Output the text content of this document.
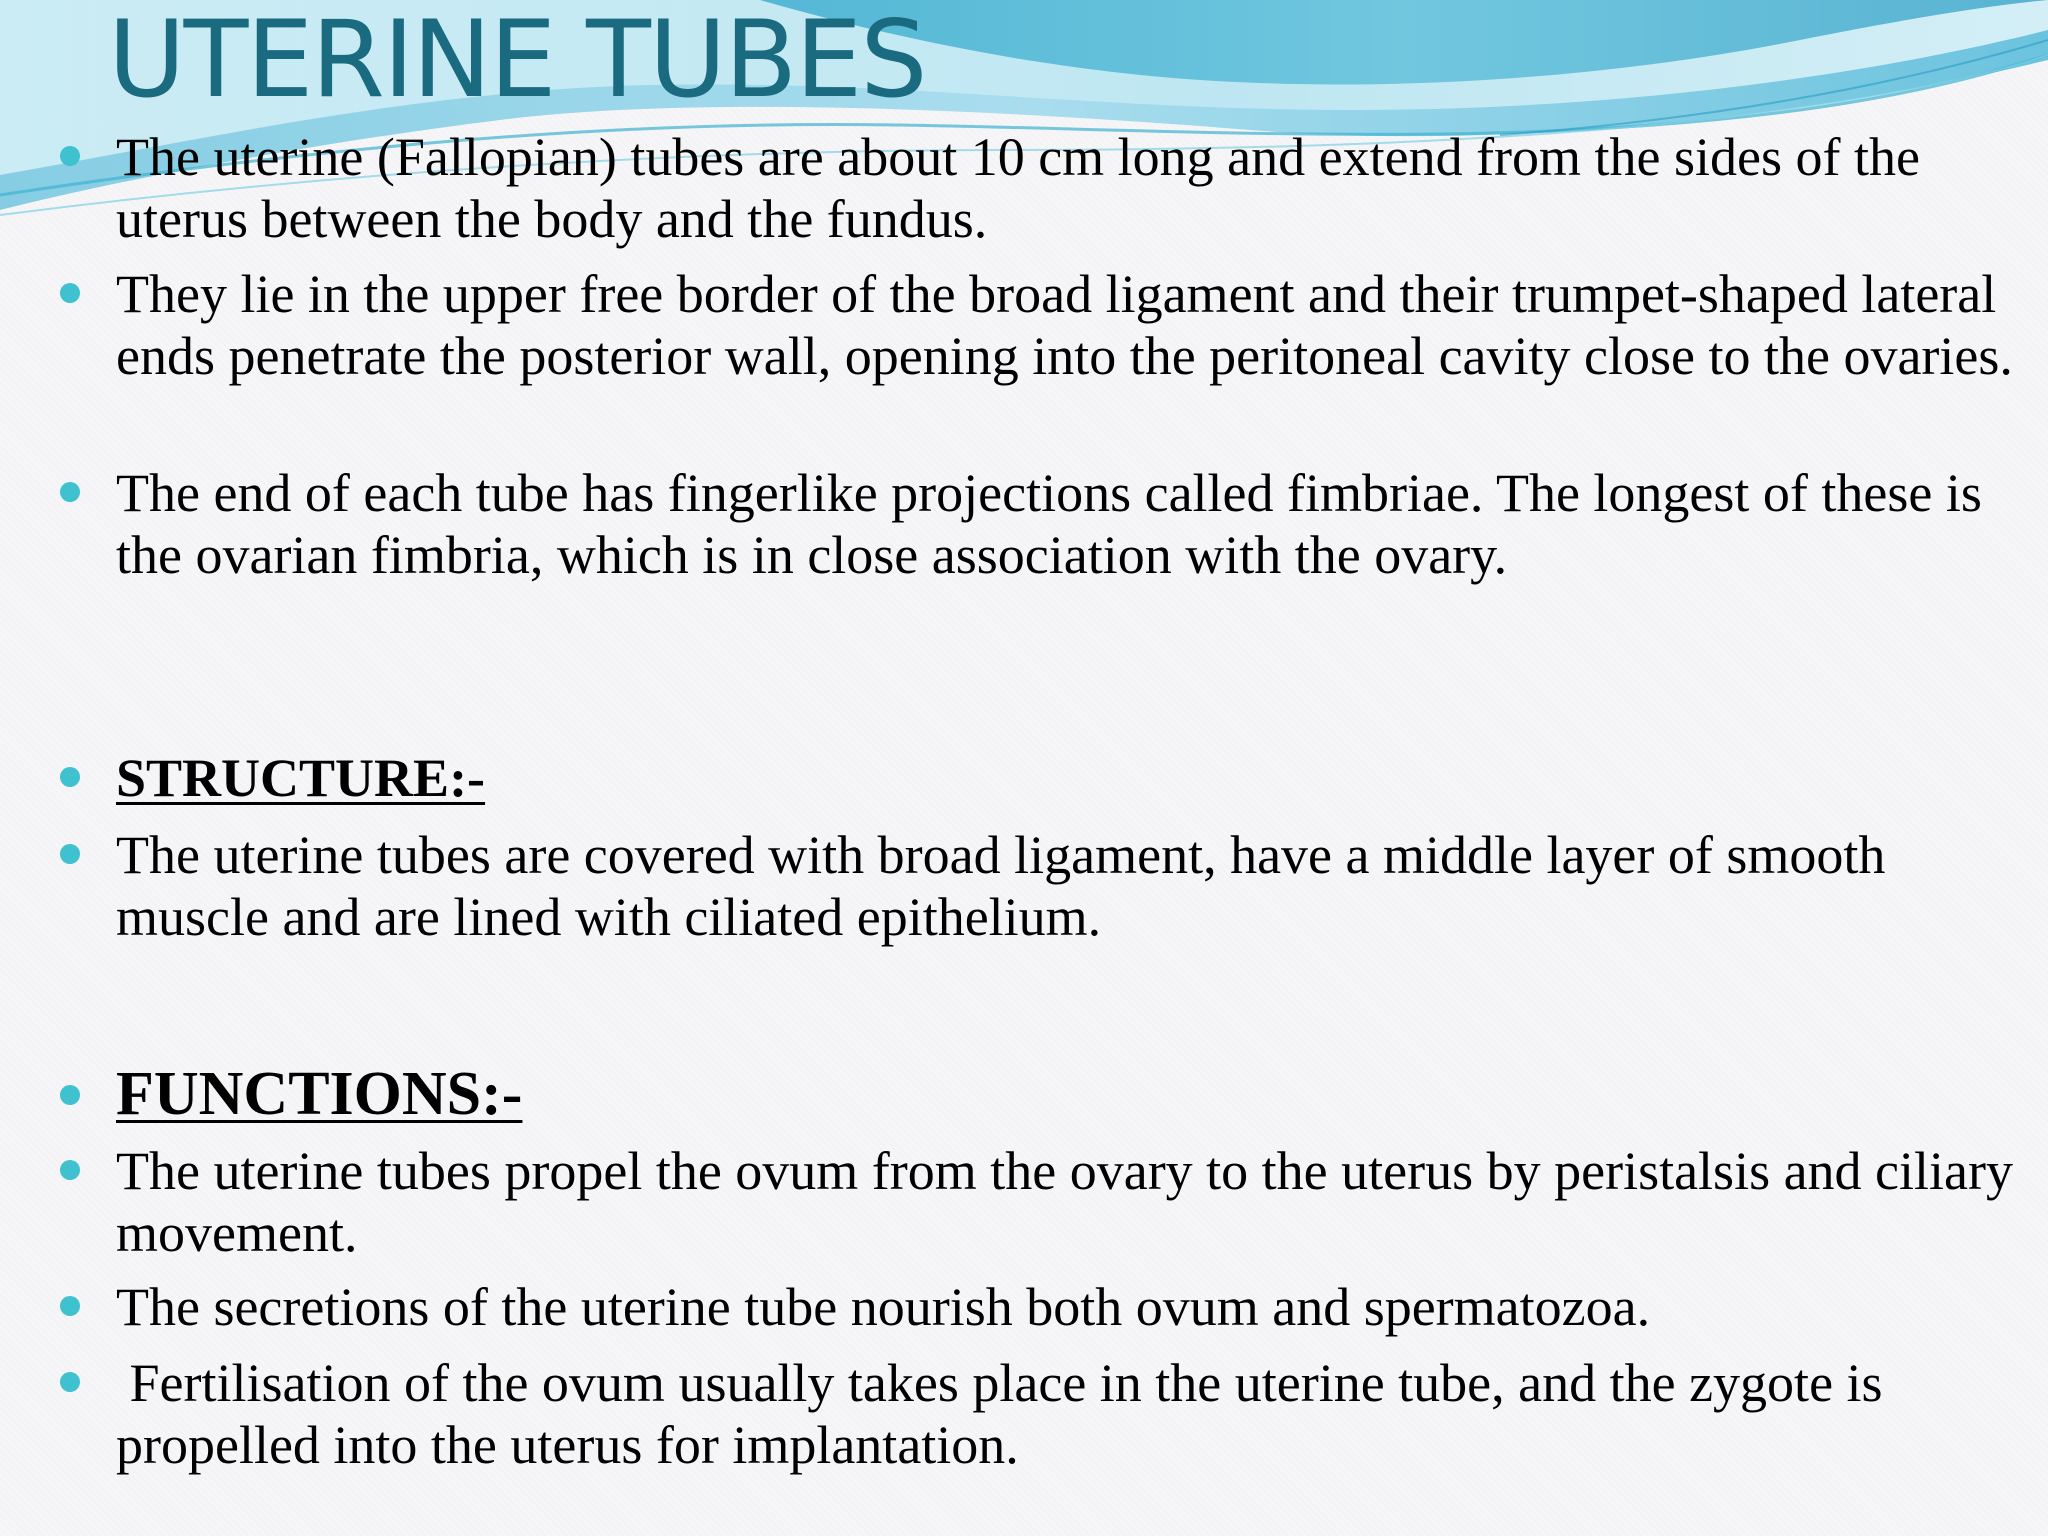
UTERINE TUBES

The uterine (Fallopian) tubes are about 10 cm long and extend from the sides of the uterus between the body and the fundus.

They lie in the upper free border of the broad ligament and their trumpet-shaped lateral ends penetrate the posterior wall, opening into the peritoneal cavity close to the ovaries.

The end of each tube has fingerlike projections called fimbriae. The longest of these is the ovarian fimbria, which is in close association with the ovary.

STRUCTURE:-

The uterine tubes are covered with broad ligament, have a middle layer of smooth muscle and are lined with ciliated epithelium.

FUNCTIONS:-

The uterine tubes propel the ovum from the ovary to the uterus by peristalsis and ciliary movement.

The secretions of the uterine tube nourish both ovum and spermatozoa.

Fertilisation of the ovum usually takes place in the uterine tube, and the zygote is propelled into the uterus for implantation.
